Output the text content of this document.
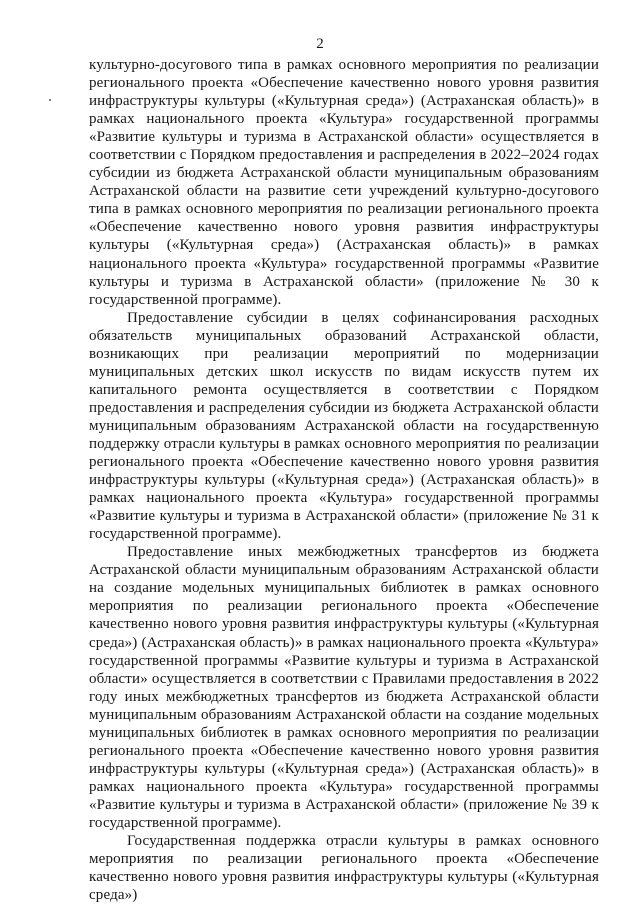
2

культурно-досугового типа в рамках основного мероприятия по реализации регионального проекта «Обеспечение качественно нового уровня развития инфраструктуры культуры («Культурная среда») (Астраханская область)» в рамках национального проекта «Культура» государственной программы «Развитие культуры и туризма в Астраханской области» осуществляется в соответствии с Порядком предоставления и распределения в 2022–2024 годах субсидии из бюджета Астраханской области муниципальным образованиям Астраханской области на развитие сети учреждений культурно-досугового типа в рамках основного мероприятия по реализации регионального проекта «Обеспечение качественно нового уровня развития инфраструктуры культуры («Культурная среда») (Астраханская область)» в рамках национального проекта «Культура» государственной программы «Развитие культуры и туризма в Астраханской области» (приложение № 30 к государственной программе).

Предоставление субсидии в целях софинансирования расходных обязательств муниципальных образований Астраханской области, возникающих при реализации мероприятий по модернизации муниципальных детских школ искусств по видам искусств путем их капитального ремонта осуществляется в соответствии с Порядком предоставления и распределения субсидии из бюджета Астраханской области муниципальным образованиям Астраханской области на государственную поддержку отрасли культуры в рамках основного мероприятия по реализации регионального проекта «Обеспечение качественно нового уровня развития инфраструктуры культуры («Культурная среда») (Астраханская область)» в рамках национального проекта «Культура» государственной программы «Развитие культуры и туризма в Астраханской области» (приложение № 31 к государственной программе).

Предоставление иных межбюджетных трансфертов из бюджета Астраханской области муниципальным образованиям Астраханской области на создание модельных муниципальных библиотек в рамках основного мероприятия по реализации регионального проекта «Обеспечение качественно нового уровня развития инфраструктуры культуры («Культурная среда») (Астраханская область)» в рамках национального проекта «Культура» государственной программы «Развитие культуры и туризма в Астраханской области» осуществляется в соответствии с Правилами предоставления в 2022 году иных межбюджетных трансфертов из бюджета Астраханской области муниципальным образованиям Астраханской области на создание модельных муниципальных библиотек в рамках основного мероприятия по реализации регионального проекта «Обеспечение качественно нового уровня развития инфраструктуры культуры («Культурная среда») (Астраханская область)» в рамках национального проекта «Культура» государственной программы «Развитие культуры и туризма в Астраханской области» (приложение № 39 к государственной программе).

Государственная поддержка отрасли культуры в рамках основного мероприятия по реализации регионального проекта «Обеспечение качественно нового уровня развития инфраструктуры культуры («Культурная среда»)
